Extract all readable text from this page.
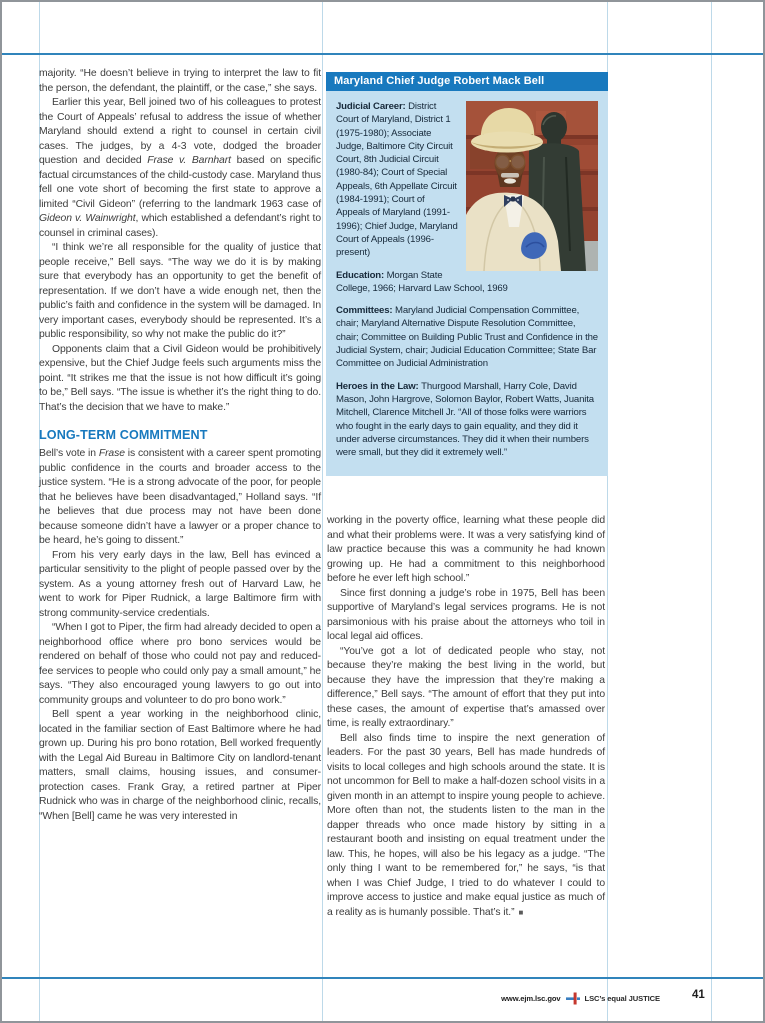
majority. “He doesn’t believe in trying to interpret the law to fit the person, the defendant, the plaintiff, or the case,” she says.

Earlier this year, Bell joined two of his colleagues to protest the Court of Appeals’ refusal to address the issue of whether Maryland should extend a right to counsel in certain civil cases. The judges, by a 4-3 vote, dodged the broader question and decided Frase v. Barnhart based on specific factual circumstances of the child-custody case. Maryland thus fell one vote short of becoming the first state to approve a limited “Civil Gideon” (referring to the landmark 1963 case of Gideon v. Wainwright, which established a defendant’s right to counsel in criminal cases).

“I think we’re all responsible for the quality of justice that people receive,” Bell says. “The way we do it is by making sure that everybody has an opportunity to get the benefit of representation. If we don’t have a wide enough net, then the public’s faith and confidence in the system will be damaged. In very important cases, everybody should be represented. It’s a public responsibility, so why not make the public do it?”

Opponents claim that a Civil Gideon would be prohibitively expensive, but the Chief Judge feels such arguments miss the point. “It strikes me that the issue is not how difficult it’s going to be,” Bell says. “The issue is whether it’s the right thing to do. That’s the decision that we have to make.”

LONG-TERM COMMITMENT

Bell’s vote in Frase is consistent with a career spent promoting public confidence in the courts and broader access to the justice system. “He is a strong advocate of the poor, for people that he believes have been disadvantaged,” Holland says. “If he believes that due process may not have been done because someone didn’t have a lawyer or a proper chance to be heard, he’s going to dissent.”

From his very early days in the law, Bell has evinced a particular sensitivity to the plight of people passed over by the system. As a young attorney fresh out of Harvard Law, he went to work for Piper Rudnick, a large Baltimore firm with strong community-service credentials.

“When I got to Piper, the firm had already decided to open a neighborhood office where pro bono services would be rendered on behalf of those who could not pay and reduced-fee services to people who could only pay a small amount,” he says. “They also encouraged young lawyers to go out into community groups and volunteer to do pro bono work.”

Bell spent a year working in the neighborhood clinic, located in the familiar section of East Baltimore where he had grown up. During his pro bono rotation, Bell worked frequently with the Legal Aid Bureau in Baltimore City on landlord-tenant matters, small claims, housing issues, and consumer-protection cases. Frank Gray, a retired partner at Piper Rudnick who was in charge of the neighborhood clinic, recalls, “When [Bell] came he was very interested in

Maryland Chief Judge Robert Mack Bell

Judicial Career: District Court of Maryland, District 1 (1975-1980); Associate Judge, Baltimore City Circuit Court, 8th Judicial Circuit (1980-84); Court of Special Appeals, 6th Appellate Circuit (1984-1991); Court of Appeals of Maryland (1991-1996); Chief Judge, Maryland Court of Appeals (1996-present)

Education: Morgan State College, 1966; Harvard Law School, 1969

Committees: Maryland Judicial Compensation Committee, chair; Maryland Alternative Dispute Resolution Committee, chair; Committee on Building Public Trust and Confidence in the Judicial System, chair; Judicial Education Committee; State Bar Committee on Judicial Administration

Heroes in the Law: Thurgood Marshall, Harry Cole, David Mason, John Hargrove, Solomon Baylor, Robert Watts, Juanita Mitchell, Clarence Mitchell Jr. “All of those folks were warriors who fought in the early days to gain equality, and they did it under adverse circumstances. They did it when their numbers were small, but they did it extremely well.”

working in the poverty office, learning what these people did and what their problems were. It was a very satisfying kind of law practice because this was a community he had known growing up. He had a commitment to this neighborhood before he ever left high school.”

Since first donning a judge’s robe in 1975, Bell has been supportive of Maryland’s legal services programs. He is not parsimonious with his praise about the attorneys who toil in local legal aid offices.

“You’ve got a lot of dedicated people who stay, not because they’re making the best living in the world, but because they have the impression that they’re making a difference,” Bell says. “The amount of effort that they put into these cases, the amount of expertise that’s amassed over time, is really extraordinary.”

Bell also finds time to inspire the next generation of leaders. For the past 30 years, Bell has made hundreds of visits to local colleges and high schools around the state. It is not uncommon for Bell to make a half-dozen school visits in a given month in an attempt to inspire young people to achieve. More often than not, the students listen to the man in the dapper threads who once made history by sitting in a restaurant booth and insisting on equal treatment under the law. This, he hopes, will also be his legacy as a judge. “The only thing I want to be remembered for,” he says, “is that when I was Chief Judge, I tried to do whatever I could to improve access to justice and make equal justice as much of a reality as is humanly possible. That’s it.” ■

www.ejm.lsc.gov	LSC’s equal JUSTICE	41
